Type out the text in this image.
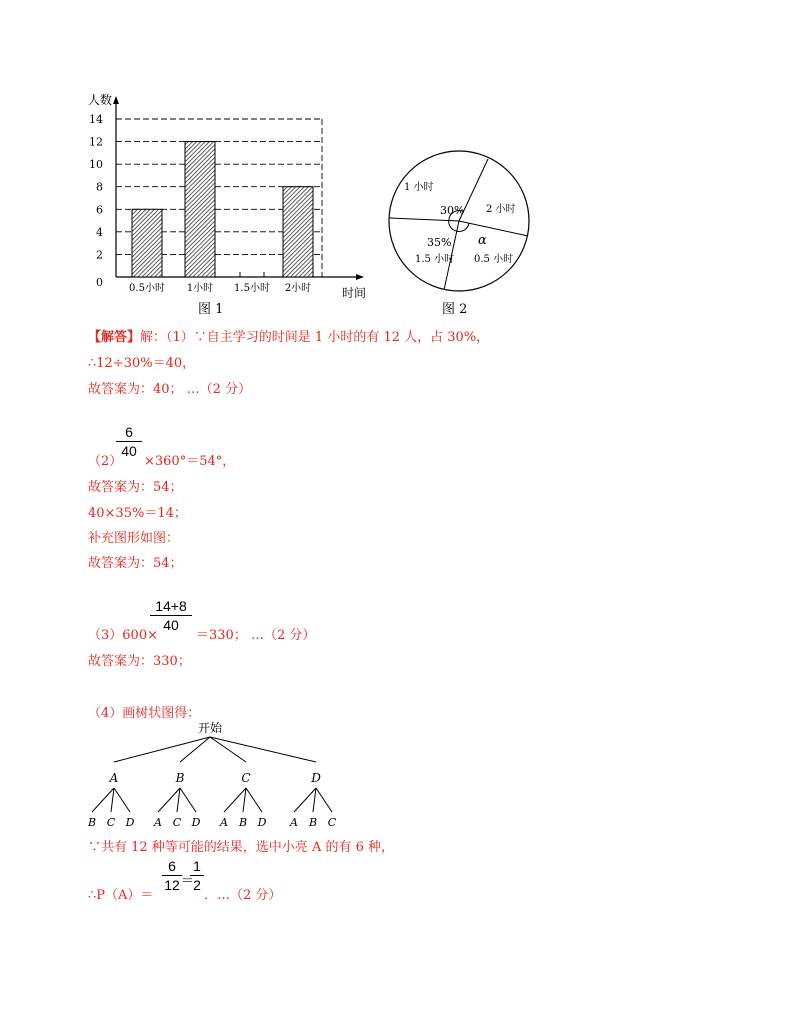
0
2
4
6
8
10
12
14
0.5小时 1小时 1.5小时 2小时
人数
时间
图 1
1 小时
2 小时
1.5 小时 0.5 小时
30%
35% α
图 2
【解答】解：（1）∵自主学习的时间是 1 小时的有 12 人，占 30%，
∴12÷30%＝40，
故答案为：40； …（2 分）
6
40
（2） ×360°＝54°，
故答案为：54；
40×35%＝14；
补充图形如图：
故答案为：54；
（3）600×
14+8
40
＝330； …（2 分）
故答案为：330；
（4）画树状图得：
开始
A
B C D
B
A C D
C
A B D
D
A B C
∵共有 12 种等可能的结果，选中小亮 A 的有 6 种，
∴P（A）＝
6
12 ＝
1
2
．…（2 分）
